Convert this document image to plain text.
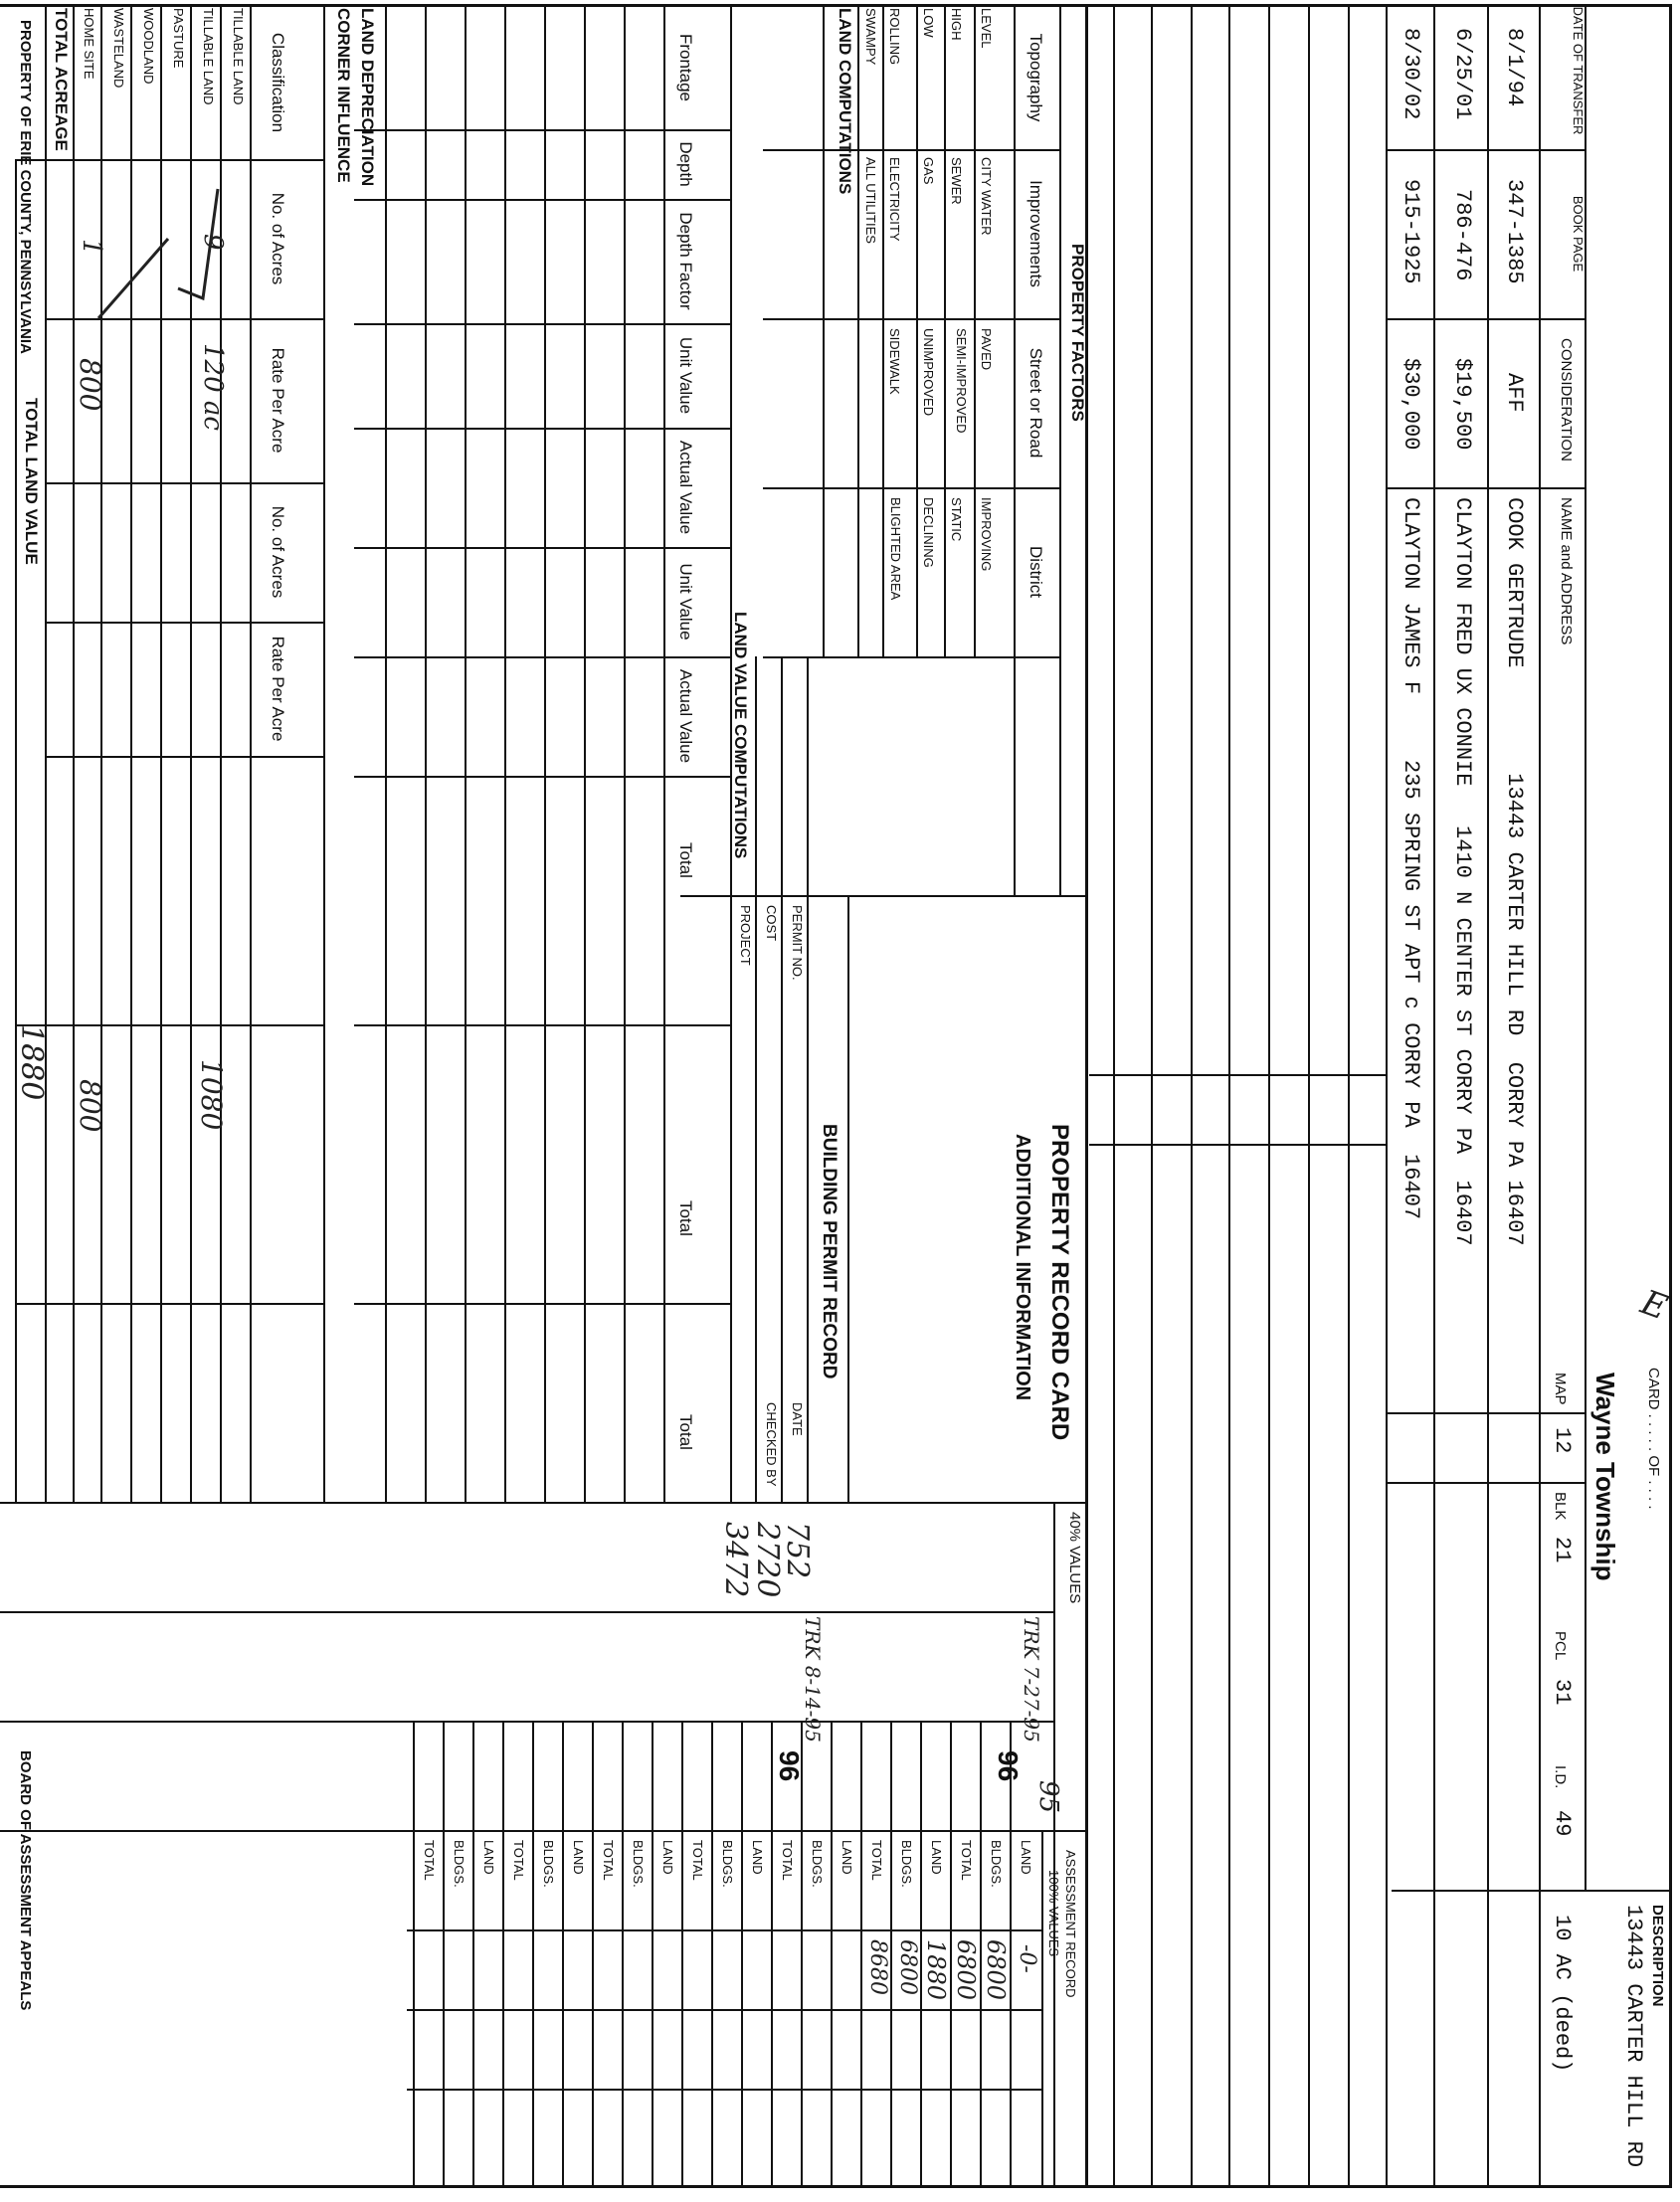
CARD . . . . . OF . . . .
E
Wayne Township
MAP
12
BLK
21
PCL
31
I.D.
49
DESCRIPTION
13443 CARTER HILL RD
10 AC (deed)
DATE OF TRANSFER
BOOK PAGE
CONSIDERATION
NAME and ADDRESS
8/1/94
347-1385
AFF
COOK GERTRUDE        13443 CARTER HILL RD  CORRY PA 16407
6/25/01
786-476
$19,500
CLAYTON FRED UX CONNIE   1410 N CENTER ST CORRY PA  16407
8/30/02
915-1925
$30,000
CLAYTON JAMES F     235 SPRING ST APT c CORRY PA  16407
PROPERTY FACTORS
Topography
Improvements
Street or Road
District
LEVEL
HIGH
LOW
ROLLING
SWAMPY
CITY WATER
SEWER
GAS
ELECTRICITY
ALL UTILITIES
PAVED
SEMI-IMPROVED
UNIMPROVED
SIDEWALK
IMPROVING
STATIC
DECLINING
BLIGHTED AREA
PROPERTY RECORD CARD
ADDITIONAL INFORMATION
BUILDING PERMIT RECORD
PERMIT NO.
DATE
COST
CHECKED BY
PROJECT
LAND COMPUTATIONS
LAND VALUE COMPUTATIONS
Frontage
Depth
Depth Factor
Unit Value
Actual Value
Unit Value
Actual Value
Total
Total
Total
LAND DEPRECIATION
CORNER INFLUENCE
Classification
No. of Acres
Rate Per Acre
No. of Acres
Rate Per Acre
TILLABLE LAND
TILLABLE LAND
PASTURE
WOODLAND
WASTELAND
HOME SITE
TOTAL ACREAGE
TOTAL LAND VALUE
9
120 ac
1080
1
800
800
1880
40% VALUES
752
2720
3472
TRK 7-27-95
TRK 8-14-95
ASSESSMENT RECORD
100% VALUES
95
96
96
LAND
BLDGS.
TOTAL
LAND
BLDGS.
TOTAL
LAND
BLDGS.
TOTAL
LAND
BLDGS.
TOTAL
LAND
BLDGS.
TOTAL
LAND
BLDGS.
TOTAL
LAND
BLDGS.
TOTAL
-0-
6800
6800
1880
6800
8680
PROPERTY OF ERIE COUNTY, PENNSYLVANIA
BOARD OF ASSESSMENT APPEALS
